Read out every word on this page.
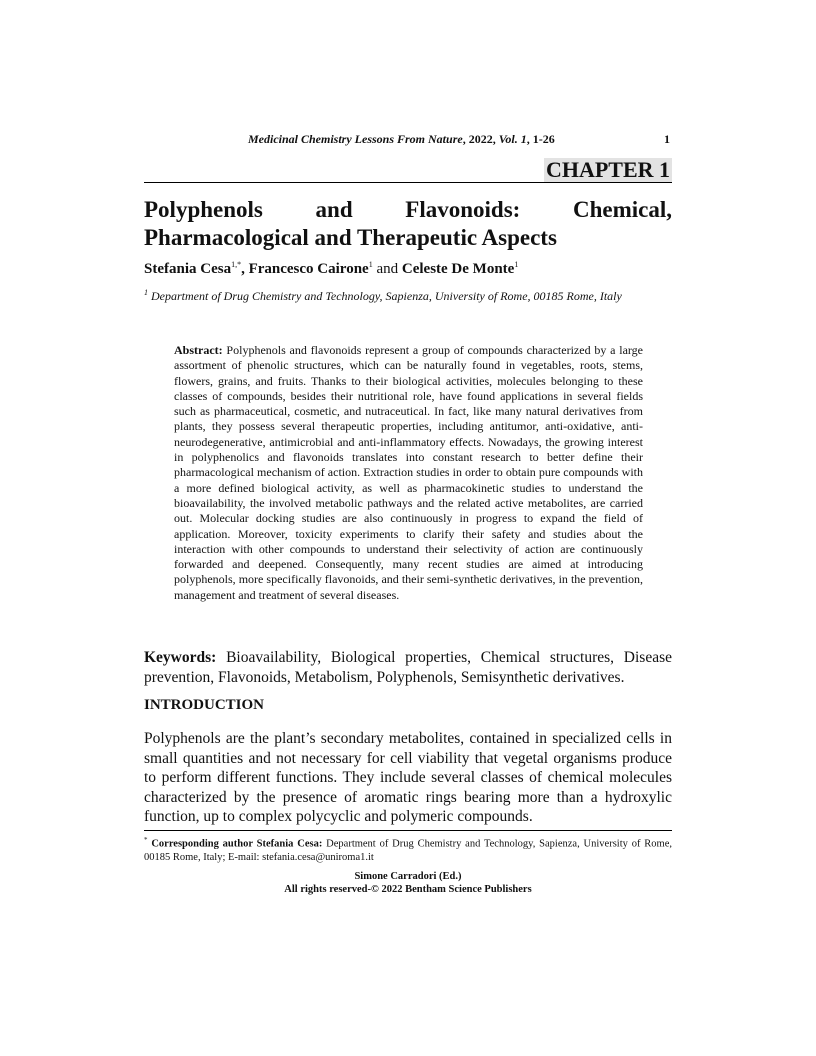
Medicinal Chemistry Lessons From Nature, 2022, Vol. 1, 1-26	1
CHAPTER 1
Polyphenols and Flavonoids: Chemical,
Pharmacological and Therapeutic Aspects
Stefania Cesa$^{1,*}$, Francesco Cairone$^1$ and Celeste De Monte$^1$
$^1$ Department of Drug Chemistry and Technology, Sapienza, University of Rome, 00185 Rome, Italy
Abstract: Polyphenols and flavonoids represent a group of compounds characterized by a large assortment of phenolic structures, which can be naturally found in vegetables, roots, stems, flowers, grains, and fruits. Thanks to their biological activities, molecules belonging to these classes of compounds, besides their nutritional role, have found applications in several fields such as pharmaceutical, cosmetic, and nutraceutical. In fact, like many natural derivatives from plants, they possess several therapeutic properties, including antitumor, anti-oxidative, anti-neurodegenerative, antimicrobial and anti-inflammatory effects. Nowadays, the growing interest in polyphenolics and flavonoids translates into constant research to better define their pharmacological mechanism of action. Extraction studies in order to obtain pure compounds with a more defined biological activity, as well as pharmacokinetic studies to understand the bioavailability, the involved metabolic pathways and the related active metabolites, are carried out. Molecular docking studies are also continuously in progress to expand the field of application. Moreover, toxicity experiments to clarify their safety and studies about the interaction with other compounds to understand their selectivity of action are continuously forwarded and deepened. Consequently, many recent studies are aimed at introducing polyphenols, more specifically flavonoids, and their semi-synthetic derivatives, in the prevention, management and treatment of several diseases.
Keywords: Bioavailability, Biological properties, Chemical structures, Disease prevention, Flavonoids, Metabolism, Polyphenols, Semisynthetic derivatives.
INTRODUCTION
Polyphenols are the plant’s secondary metabolites, contained in specialized cells in small quantities and not necessary for cell viability that vegetal organisms produce to perform different functions. They include several classes of chemical molecules characterized by the presence of aromatic rings bearing more than a hydroxylic function, up to complex polycyclic and polymeric compounds.
* Corresponding author Stefania Cesa: Department of Drug Chemistry and Technology, Sapienza, University of Rome, 00185 Rome, Italy; E-mail: stefania.cesa@uniroma1.it
Simone Carradori (Ed.)
All rights reserved-© 2022 Bentham Science Publishers
